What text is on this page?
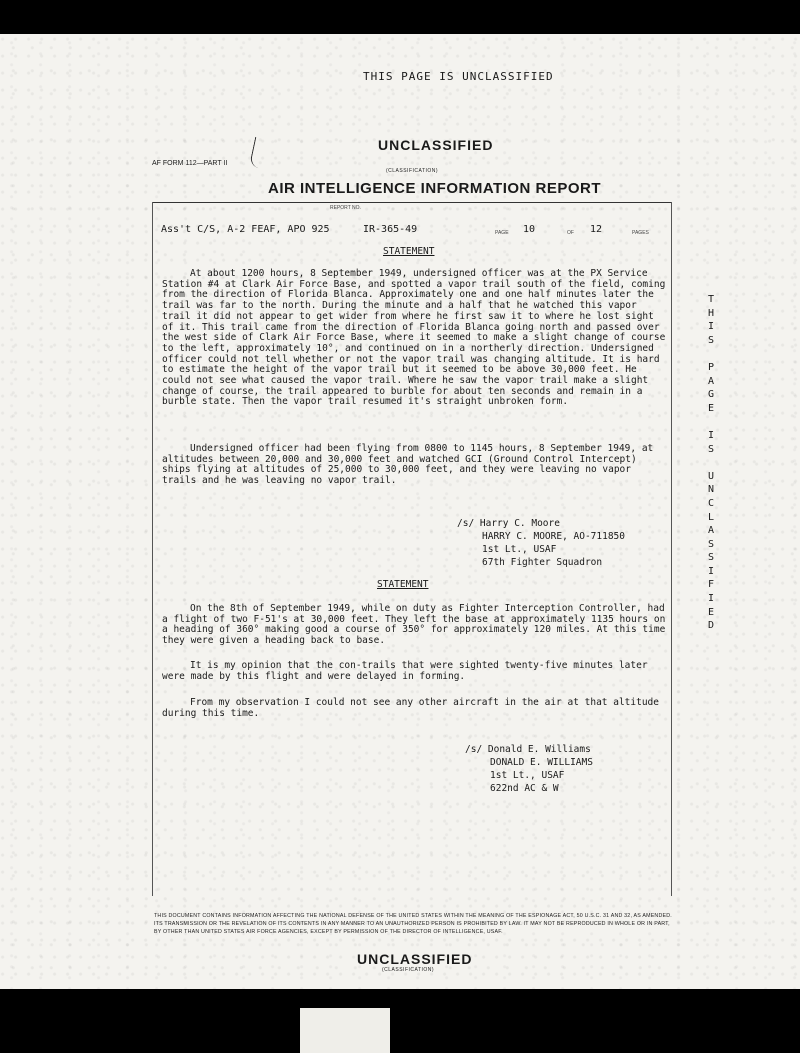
THIS PAGE IS UNCLASSIFIED
UNCLASSIFIED
(CLASSIFICATION)
AF FORM 112—PART II
AIR INTELLIGENCE INFORMATION REPORT
REPORT NO.
PAGE	OF	PAGES
Ass't C/S, A-2 FEAF, APO 925	IR-365-49	10	12
STATEMENT

At about 1200 hours, 8 September 1949, undersigned officer was at the PX Service Station #4 at Clark Air Force Base, and spotted a vapor trail south of the field, coming from the direction of Florida Blanca. Approximately one and one half minutes later the trail was far to the north. During the minute and a half that he watched this vapor trail it did not appear to get wider from where he first saw it to where he lost sight of it. This trail came from the direction of Florida Blanca going north and passed over the west side of Clark Air Force Base, where it seemed to make a slight change of course to the left, approximately 10°, and continued on in a northerly direction. Undersigned officer could not tell whether or not the vapor trail was changing altitude. It is hard to estimate the height of the vapor trail but it seemed to be above 30,000 feet. He could not see what caused the vapor trail. Where he saw the vapor trail make a slight change of course, the trail appeared to burble for about ten seconds and remain in a burble state. Then the vapor trail resumed it's straight unbroken form.

Undersigned officer had been flying from 0800 to 1145 hours, 8 September 1949, at altitudes between 20,000 and 30,000 feet and watched GCI (Ground Control Intercept) ships flying at altitudes of 25,000 to 30,000 feet, and they were leaving no vapor trails and he was leaving no vapor trail.

/s/ Harry C. Moore
HARRY C. MOORE, AO-711850
1st Lt., USAF
67th Fighter Squadron
STATEMENT

On the 8th of September 1949, while on duty as Fighter Interception Controller, had a flight of two F-51's at 30,000 feet. They left the base at approximately 1135 hours on a heading of 360° making good a course of 350° for approximately 120 miles. At this time they were given a heading back to base.

It is my opinion that the con-trails that were sighted twenty-five minutes later were made by this flight and were delayed in forming.

From my observation I could not see any other aircraft in the air at that altitude during this time.

/s/ Donald E. Williams
DONALD E. WILLIAMS
1st Lt., USAF
622nd AC & W
T
H
I
S
P
A
G
E
I
S
U
N
C
L
A
S
S
I
F
I
E
D
THIS DOCUMENT CONTAINS INFORMATION AFFECTING THE NATIONAL DEFENSE OF THE UNITED STATES WITHIN THE MEANING OF THE ESPIONAGE ACT, 50 U.S.C. 31 AND 32, AS AMENDED. ITS TRANSMISSION OR THE REVELATION OF ITS CONTENTS IN ANY MANNER TO AN UNAUTHORIZED PERSON IS PROHIBITED BY LAW. IT MAY NOT BE REPRODUCED IN WHOLE OR IN PART, BY OTHER THAN UNITED STATES AIR FORCE AGENCIES, EXCEPT BY PERMISSION OF THE DIRECTOR OF INTELLIGENCE, USAF.
UNCLASSIFIED
(CLASSIFICATION)
